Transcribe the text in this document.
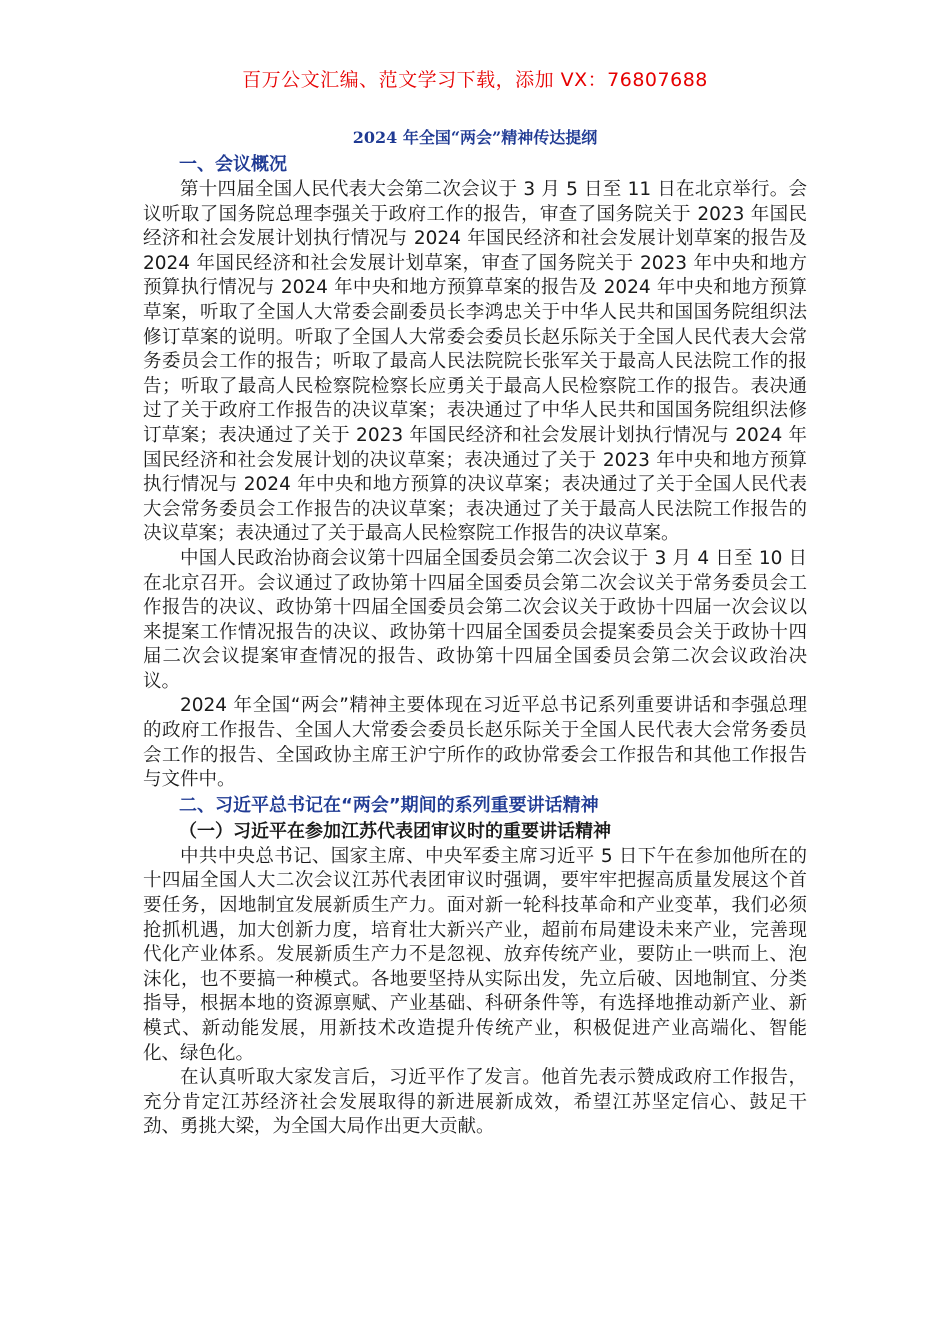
百万公文汇编、范文学习下载，添加 VX：76807688

2024 年全国“两会”精神传达提纲

一、会议概况

第十四届全国人民代表大会第二次会议于 3 月 5 日至 11 日在北京举行。会议听取了国务院总理李强关于政府工作的报告，审查了国务院关于 2023 年国民经济和社会发展计划执行情况与 2024 年国民经济和社会发展计划草案的报告及 2024 年国民经济和社会发展计划草案，审查了国务院关于 2023 年中央和地方预算执行情况与 2024 年中央和地方预算草案的报告及 2024 年中央和地方预算草案，听取了全国人大常委会副委员长李鸿忠关于中华人民共和国国务院组织法修订草案的说明。听取了全国人大常委会委员长赵乐际关于全国人民代表大会常务委员会工作的报告；听取了最高人民法院院长张军关于最高人民法院工作的报告；听取了最高人民检察院检察长应勇关于最高人民检察院工作的报告。表决通过了关于政府工作报告的决议草案；表决通过了中华人民共和国国务院组织法修订草案；表决通过了关于 2023 年国民经济和社会发展计划执行情况与 2024 年国民经济和社会发展计划的决议草案；表决通过了关于 2023 年中央和地方预算执行情况与 2024 年中央和地方预算的决议草案；表决通过了关于全国人民代表大会常务委员会工作报告的决议草案；表决通过了关于最高人民法院工作报告的决议草案；表决通过了关于最高人民检察院工作报告的决议草案。

中国人民政治协商会议第十四届全国委员会第二次会议于 3 月 4 日至 10 日在北京召开。会议通过了政协第十四届全国委员会第二次会议关于常务委员会工作报告的决议、政协第十四届全国委员会第二次会议关于政协十四届一次会议以来提案工作情况报告的决议、政协第十四届全国委员会提案委员会关于政协十四届二次会议提案审查情况的报告、政协第十四届全国委员会第二次会议政治决议。

2024 年全国“两会”精神主要体现在习近平总书记系列重要讲话和李强总理的政府工作报告、全国人大常委会委员长赵乐际关于全国人民代表大会常务委员会工作的报告、全国政协主席王沪宁所作的政协常委会工作报告和其他工作报告与文件中。

二、习近平总书记在“两会”期间的系列重要讲话精神

（一）习近平在参加江苏代表团审议时的重要讲话精神

中共中央总书记、国家主席、中央军委主席习近平 5 日下午在参加他所在的十四届全国人大二次会议江苏代表团审议时强调，要牢牢把握高质量发展这个首要任务，因地制宜发展新质生产力。面对新一轮科技革命和产业变革，我们必须抢抓机遇，加大创新力度，培育壮大新兴产业，超前布局建设未来产业，完善现代化产业体系。发展新质生产力不是忽视、放弃传统产业，要防止一哄而上、泡沫化，也不要搞一种模式。各地要坚持从实际出发，先立后破、因地制宜、分类指导，根据本地的资源禀赋、产业基础、科研条件等，有选择地推动新产业、新模式、新动能发展，用新技术改造提升传统产业，积极促进产业高端化、智能化、绿色化。

在认真听取大家发言后，习近平作了发言。他首先表示赞成政府工作报告，充分肯定江苏经济社会发展取得的新进展新成效，希望江苏坚定信心、鼓足干劲、勇挑大梁，为全国大局作出更大贡献。
